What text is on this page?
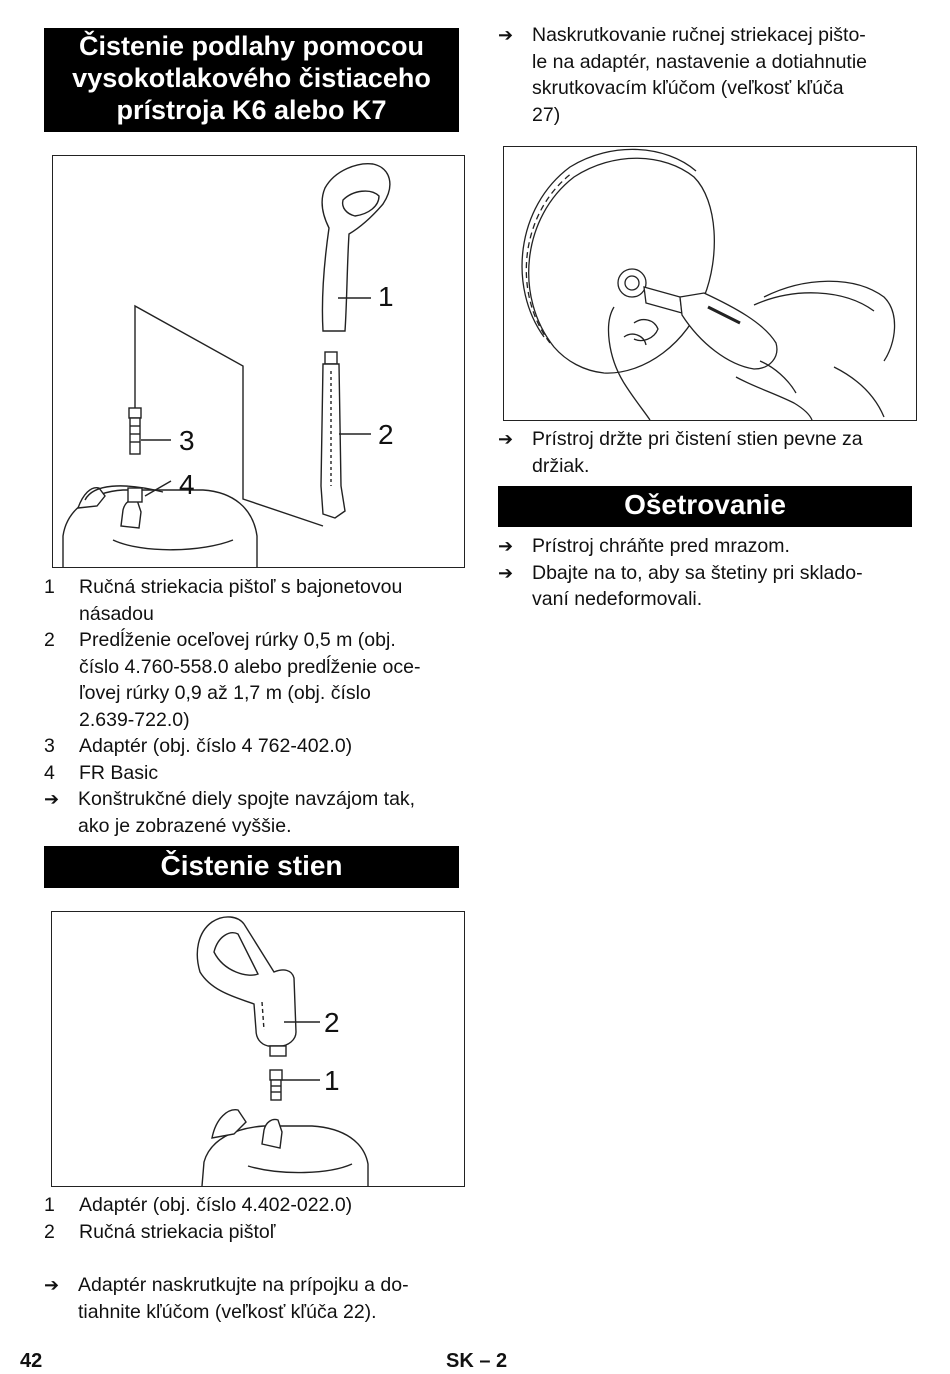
Čistenie podlahy pomocou
vysokotlakového čistiaceho
prístroja K6 alebo K7
1
2
3
4
1	Ručná striekacia pištoľ s bajonetovou
násadou
2	Predĺženie oceľovej rúrky 0,5 m (obj.
číslo 4.760-558.0 alebo predĺženie oce-
ľovej rúrky 0,9 až 1,7 m (obj. číslo
2.639-722.0)
3	Adaptér (obj. číslo 4 762-402.0)
4	FR Basic
➔ Konštrukčné diely spojte navzájom tak,
ako je zobrazené vyššie.
Čistenie stien
2
1
1	Adaptér (obj. číslo 4.402-022.0)
2	Ručná striekacia pištoľ
➔ Adaptér naskrutkujte na prípojku a do-
tiahnite kľúčom (veľkosť kľúča 22).
➔ Naskrutkovanie ručnej striekacej pišto-
le na adaptér, nastavenie a dotiahnutie
skrutkovacím kľúčom (veľkosť kľúča
27)
➔ Prístroj držte pri čistení stien pevne za
držiak.
Ošetrovanie
➔ Prístroj chráňte pred mrazom.
➔ Dbajte na to, aby sa štetiny pri sklado-
vaní nedeformovali.
42	SK – 2
